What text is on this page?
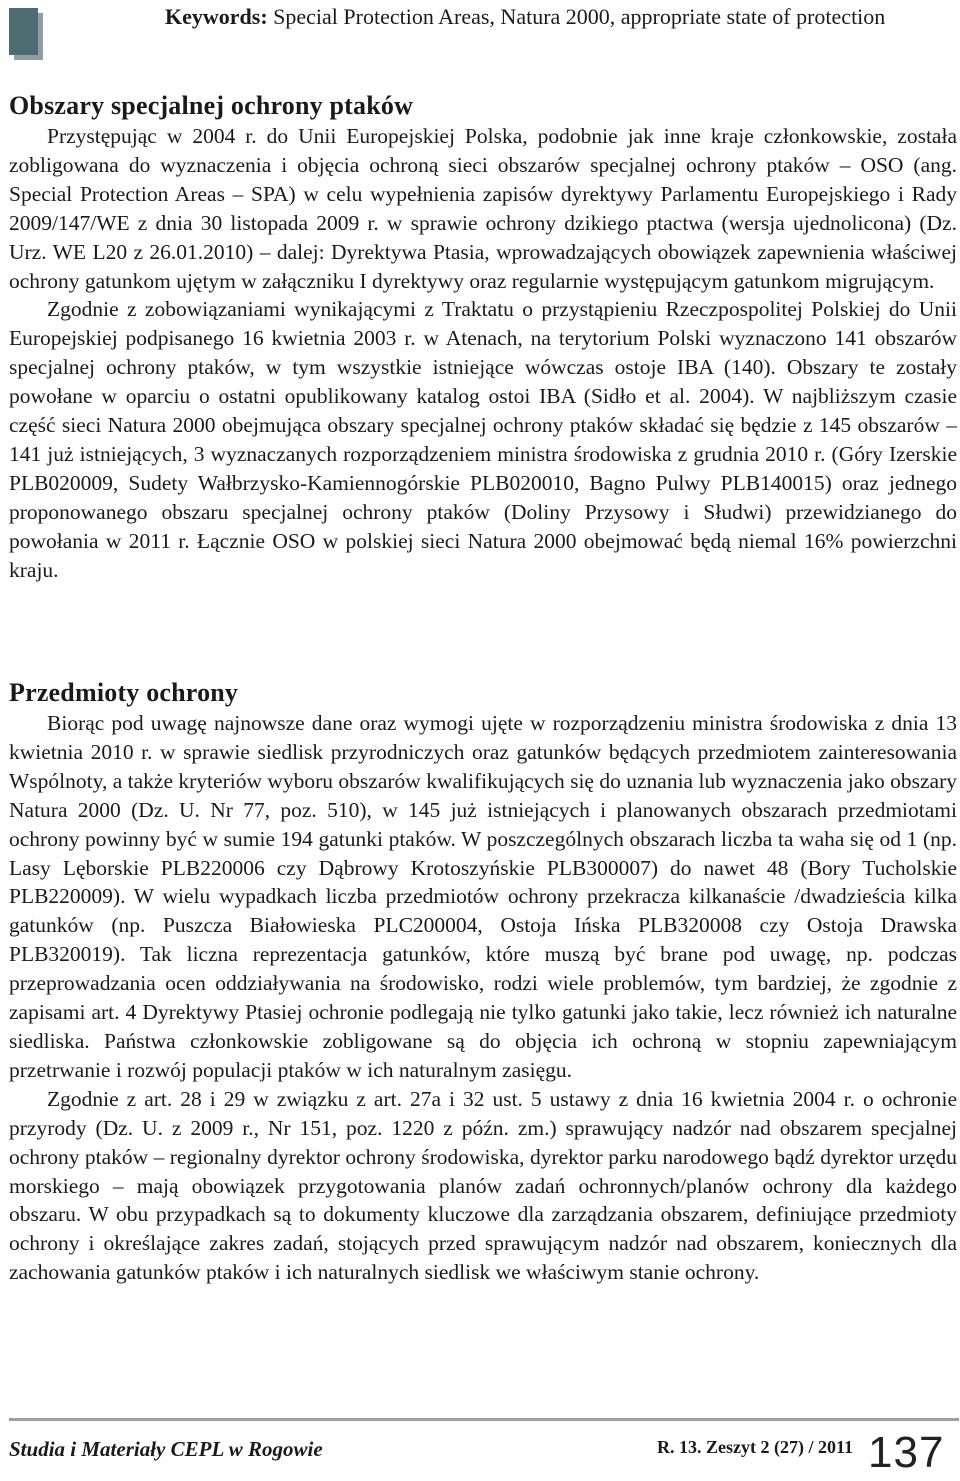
Keywords: Special Protection Areas, Natura 2000, appropriate state of protection

Obszary specjalnej ochrony ptaków

Przystępując w 2004 r. do Unii Europejskiej Polska, podobnie jak inne kraje członkowskie, została zobligowana do wyznaczenia i objęcia ochroną sieci obszarów specjalnej ochrony ptaków – OSO (ang. Special Protection Areas – SPA) w celu wypełnienia zapisów dyrektywy Parlamentu Europejskiego i Rady 2009/147/WE z dnia 30 listopada 2009 r. w sprawie ochrony dzikiego ptactwa (wersja ujednolicona) (Dz. Urz. WE L20 z 26.01.2010) – dalej: Dyrektywa Ptasia, wprowadzających obowiązek zapewnienia właściwej ochrony gatunkom ujętym w załączniku I dyrektywy oraz regularnie występującym gatunkom migrującym.

Zgodnie z zobowiązaniami wynikającymi z Traktatu o przystąpieniu Rzeczpospolitej Polskiej do Unii Europejskiej podpisanego 16 kwietnia 2003 r. w Atenach, na terytorium Polski wyznaczono 141 obszarów specjalnej ochrony ptaków, w tym wszystkie istniejące wówczas ostoje IBA (140). Obszary te zostały powołane w oparciu o ostatni opublikowany katalog ostoi IBA (Sidło et al. 2004). W najbliższym czasie część sieci Natura 2000 obejmująca obszary specjalnej ochrony ptaków składać się będzie z 145 obszarów – 141 już istniejących, 3 wyznaczanych rozporządzeniem ministra środowiska z grudnia 2010 r. (Góry Izerskie PLB020009, Sudety Wałbrzysko-Kamiennogórskie PLB020010, Bagno Pulwy PLB140015) oraz jednego proponowanego obszaru specjalnej ochrony ptaków (Doliny Przysowy i Słudwi) przewidzianego do powołania w 2011 r. Łącznie OSO w polskiej sieci Natura 2000 obejmować będą niemal 16% powierzchni kraju.

Przedmioty ochrony

Biorąc pod uwagę najnowsze dane oraz wymogi ujęte w rozporządzeniu ministra środowiska z dnia 13 kwietnia 2010 r. w sprawie siedlisk przyrodniczych oraz gatunków będących przedmiotem zainteresowania Wspólnoty, a także kryteriów wyboru obszarów kwalifikujących się do uznania lub wyznaczenia jako obszary Natura 2000 (Dz. U. Nr 77, poz. 510), w 145 już istniejących i planowanych obszarach przedmiotami ochrony powinny być w sumie 194 gatunki ptaków. W poszczególnych obszarach liczba ta waha się od 1 (np. Lasy Lęborskie PLB220006 czy Dąbrowy Krotoszyńskie PLB300007) do nawet 48 (Bory Tucholskie PLB220009). W wielu wypadkach liczba przedmiotów ochrony przekracza kilkanaście /dwadzieścia kilka gatunków (np. Puszcza Białowieska PLC200004, Ostoja Ińska PLB320008 czy Ostoja Drawska PLB320019). Tak liczna reprezentacja gatunków, które muszą być brane pod uwagę, np. podczas przeprowadzania ocen oddziaływania na środowisko, rodzi wiele problemów, tym bardziej, że zgodnie z zapisami art. 4 Dyrektywy Ptasiej ochronie podlegają nie tylko gatunki jako takie, lecz również ich naturalne siedliska. Państwa członkowskie zobligowane są do objęcia ich ochroną w stopniu zapewniającym przetrwanie i rozwój populacji ptaków w ich naturalnym zasięgu.

Zgodnie z art. 28 i 29 w związku z art. 27a i 32 ust. 5 ustawy z dnia 16 kwietnia 2004 r. o ochronie przyrody (Dz. U. z 2009 r., Nr 151, poz. 1220 z późn. zm.) sprawujący nadzór nad obszarem specjalnej ochrony ptaków – regionalny dyrektor ochrony środowiska, dyrektor parku narodowego bądź dyrektor urzędu morskiego – mają obowiązek przygotowania planów zadań ochronnych/planów ochrony dla każdego obszaru. W obu przypadkach są to dokumenty kluczowe dla zarządzania obszarem, definiujące przedmioty ochrony i określające zakres zadań, stojących przed sprawującym nadzór nad obszarem, koniecznych dla zachowania gatunków ptaków i ich naturalnych siedlisk we właściwym stanie ochrony.

Studia i Materiały CEPL w Rogowie	R. 13. Zeszyt 2 (27) / 2011 137
